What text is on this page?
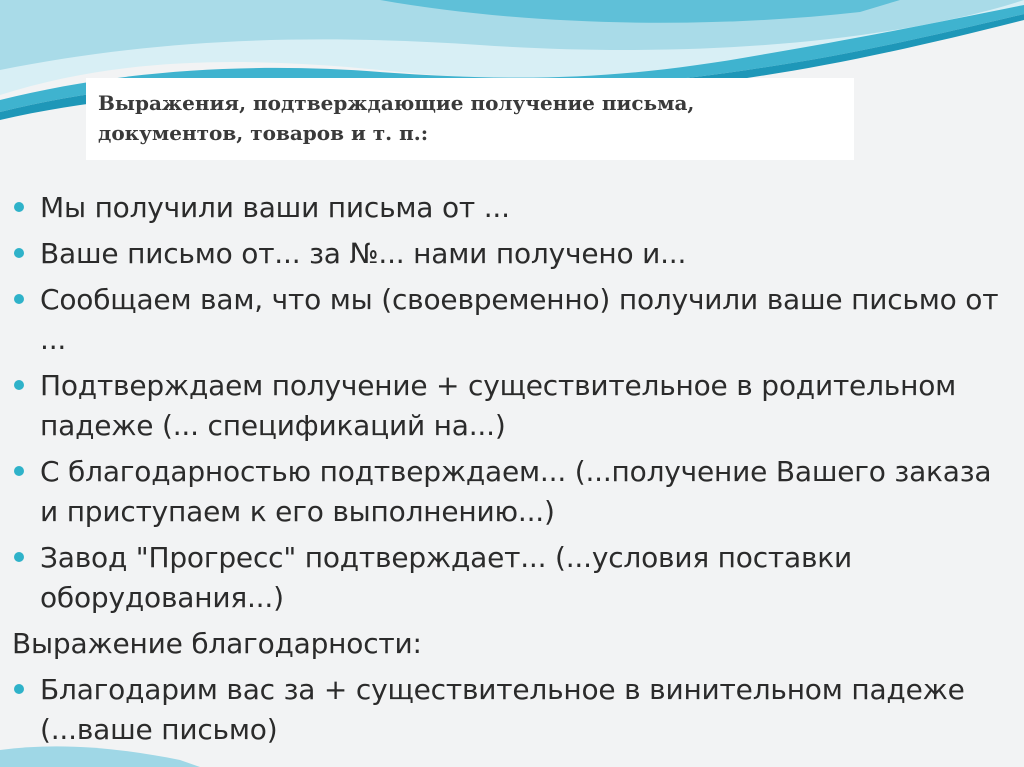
Выражения, подтверждающие получение письма,
документов, товаров и т. п.:

Мы получили ваши письма от ...
Ваше письмо от... за №... нами получено и...
Сообщаем вам, что мы (своевременно) получили ваше письмо от ...
Подтверждаем получение + существительное в родительном падеже (... спецификаций на...)
С благодарностью подтверждаем... (...получение Вашего заказа и приступаем к его выполнению...)
Завод "Прогресс" подтверждает... (...условия поставки оборудования...)
Выражение благодарности:
Благодарим вас за + существительное в винительном падеже (...ваше письмо)
